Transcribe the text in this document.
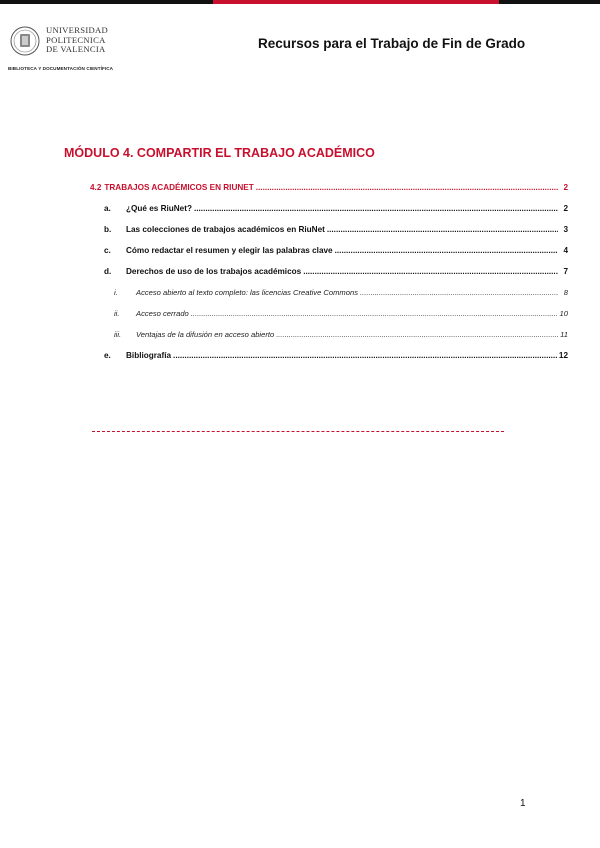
UNIVERSIDAD
POLITECNICA
DE VALENCIA
BIBLIOTECA Y DOCUMENTACIÓN CIENTÍFICA
Recursos para el Trabajo de Fin de Grado
MÓDULO 4. COMPARTIR EL TRABAJO ACADÉMICO
4.2 TRABAJOS ACADÉMICOS EN RIUNET .....	2
a.	¿Qué es RiuNet? .....	2
b.	Las colecciones de trabajos académicos en RiuNet .....	3
c.	Cómo redactar el resumen y elegir las palabras clave .....	4
d.	Derechos de uso de los trabajos académicos .....	7
i.	Acceso abierto al texto completo: las licencias Creative Commons .....	8
ii.	Acceso cerrado .....	10
iii.	Ventajas de la difusión en acceso abierto .....	11
e.	Bibliografía .....	12
1
